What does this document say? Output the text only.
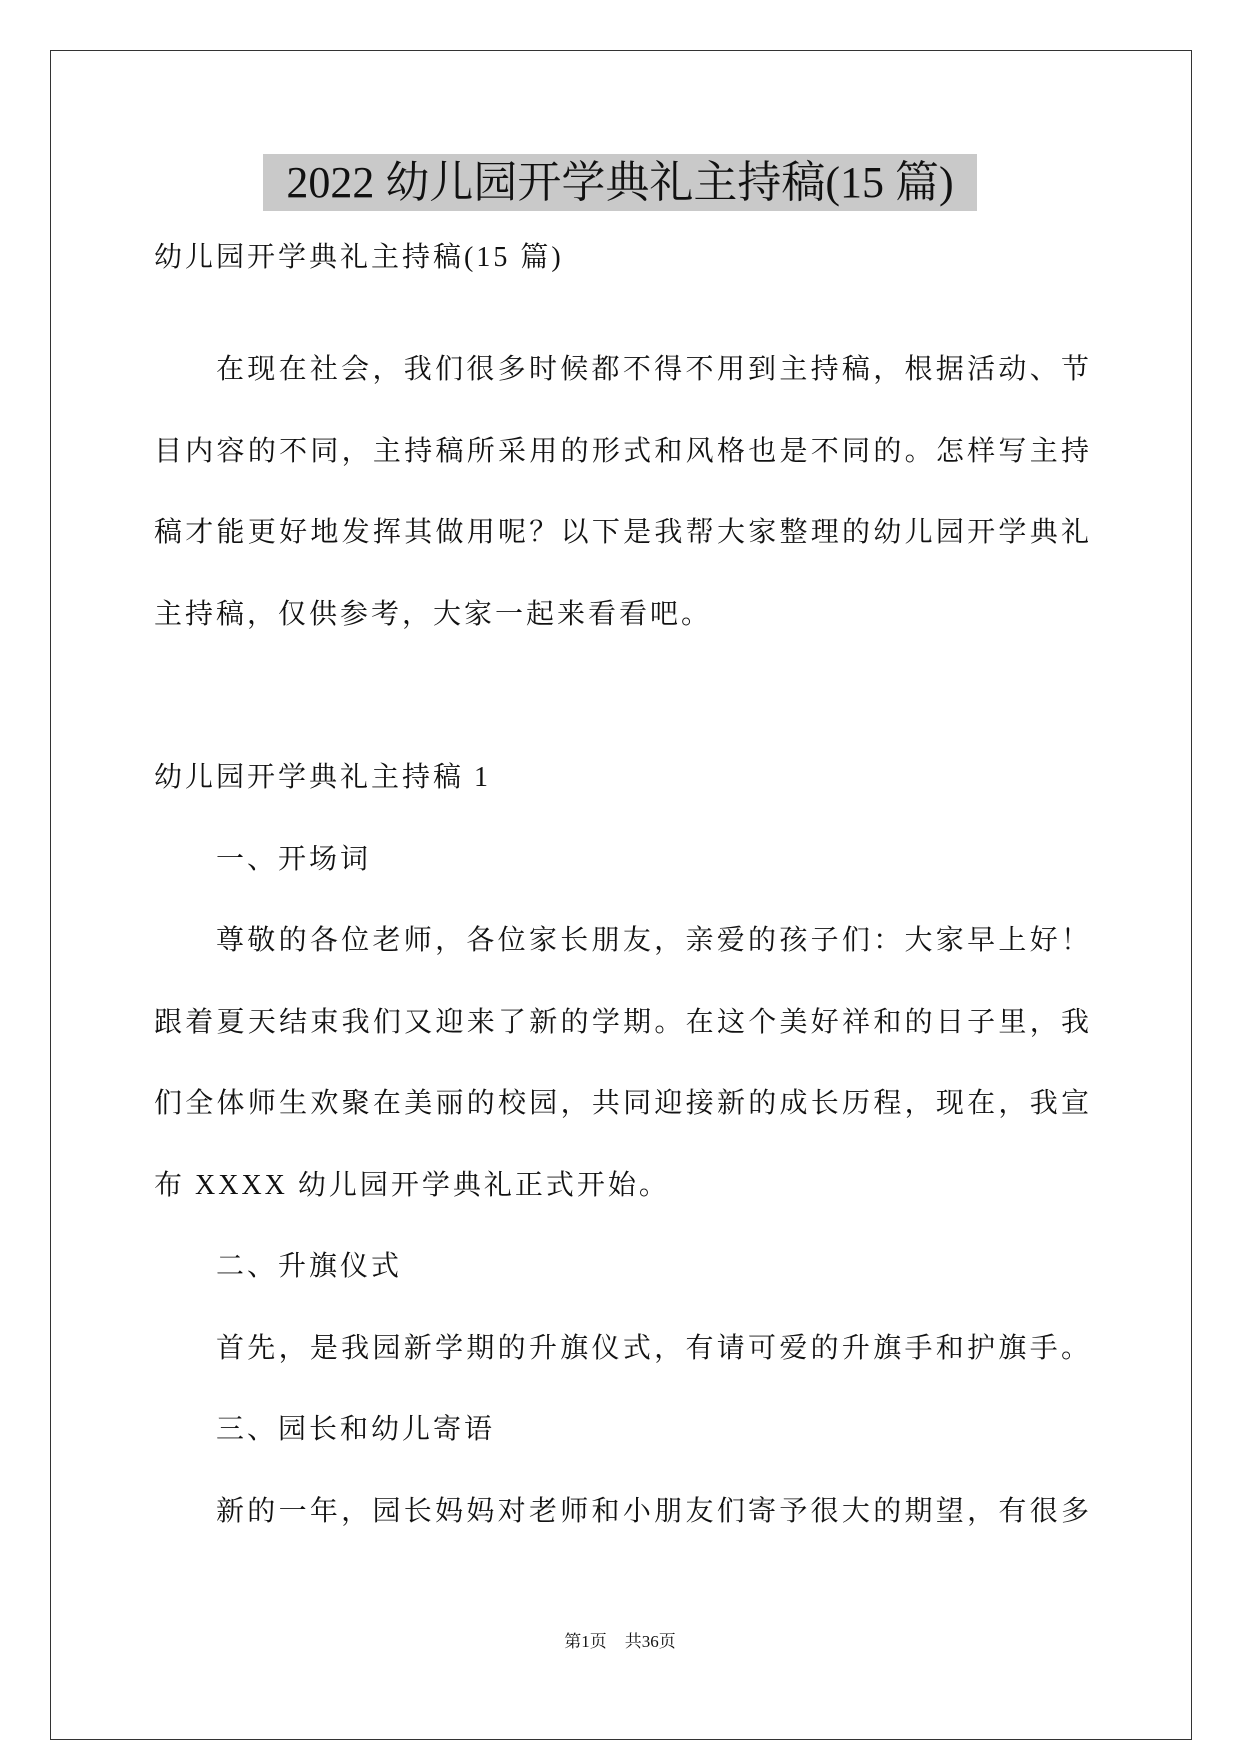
2022 幼儿园开学典礼主持稿(15 篇)
幼儿园开学典礼主持稿(15 篇)
在现在社会，我们很多时候都不得不用到主持稿，根据活动、节
目内容的不同，主持稿所采用的形式和风格也是不同的。怎样写主持
稿才能更好地发挥其做用呢？以下是我帮大家整理的幼儿园开学典礼
主持稿，仅供参考，大家一起来看看吧。
幼儿园开学典礼主持稿 1
一、开场词
尊敬的各位老师，各位家长朋友，亲爱的孩子们：大家早上好！
跟着夏天结束我们又迎来了新的学期。在这个美好祥和的日子里，我
们全体师生欢聚在美丽的校园，共同迎接新的成长历程，现在，我宣
布 XXXX 幼儿园开学典礼正式开始。
二、升旗仪式
首先，是我园新学期的升旗仪式，有请可爱的升旗手和护旗手。
三、园长和幼儿寄语
新的一年，园长妈妈对老师和小朋友们寄予很大的期望，有很多
第1页 共36页
